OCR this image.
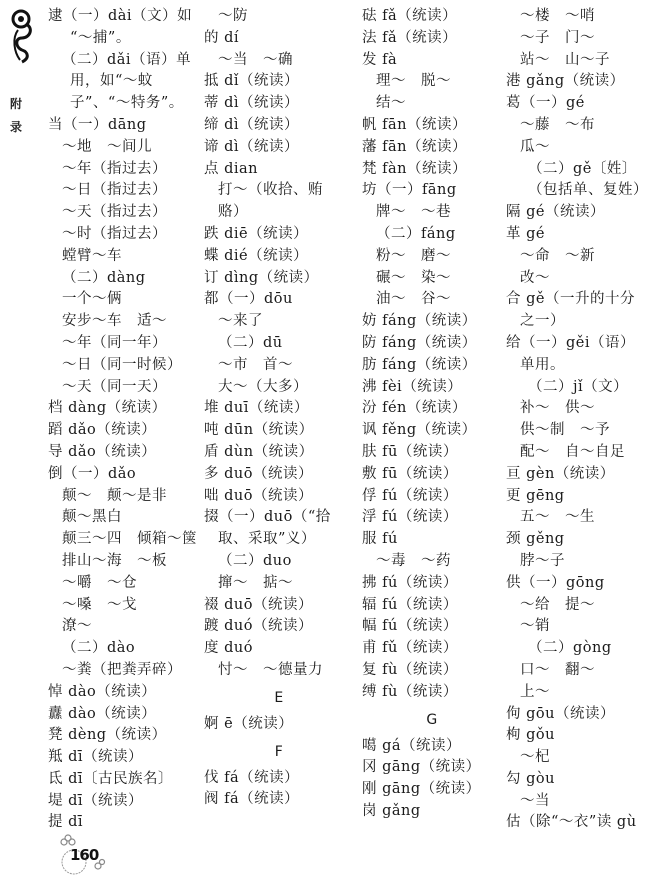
附
录
逮（一）dài（文）如
“～捕”。
（二）dǎi（语）单
用，如“～蚊
子”、“～特务”。
当（一）dāng
～地　～间儿
～年（指过去）
～日（指过去）
～天（指过去）
～时（指过去）
螳臂～车
（二）dàng
一个～俩
安步～车　适～
～年（同一年）
～日（同一时候）
～天（同一天）
档 dàng（统读）
蹈 dǎo（统读）
导 dǎo（统读）
倒（一）dǎo
颠～　颠～是非
颠～黑白
颠三～四　倾箱～箧
排山～海　～板
～嚼　～仓
～嗓　～戈
潦～
（二）dào
～粪（把粪弄碎）
悼 dào（统读）
纛 dào（统读）
凳 dèng（统读）
羝 dī（统读）
氐 dī〔古民族名〕
堤 dī（统读）
提 dī
～防
的 dí
～当　～确
抵 dǐ（统读）
蒂 dì（统读）
缔 dì（统读）
谛 dì（统读）
点 dian
打～（收拾、贿
赂）
跌 diē（统读）
蝶 dié（统读）
订 dìng（统读）
都（一）dōu
～来了
（二）dū
～市　首～
大～（大多）
堆 duī（统读）
吨 dūn（统读）
盾 dùn（统读）
多 duō（统读）
咄 duō（统读）
掇（一）duō（“拾
取、采取”义）
（二）duo
撺～　掂～
裰 duō（统读）
踱 duó（统读）
度 duó
忖～　～德量力
E
婀 ē（统读）
F
伐 fá（统读）
阀 fá（统读）
砝 fǎ（统读）
法 fǎ（统读）
发 fà
理～　脱～
结～
帆 fān（统读）
藩 fān（统读）
梵 fàn（统读）
坊（一）fāng
牌～　～巷
（二）fáng
粉～　磨～
碾～　染～
油～　谷～
妨 fáng（统读）
防 fáng（统读）
肪 fáng（统读）
沸 fèi（统读）
汾 fén（统读）
讽 fěng（统读）
肤 fū（统读）
敷 fū（统读）
俘 fú（统读）
浮 fú（统读）
服 fú
～毒　～药
拂 fú（统读）
辐 fú（统读）
幅 fú（统读）
甫 fǔ（统读）
复 fù（统读）
缚 fù（统读）
G
噶 gá（统读）
冈 gāng（统读）
刚 gāng（统读）
岗 gǎng
～楼　～哨
～子　门～
站～　山～子
港 gǎng（统读）
葛（一）gé
～藤　～布
瓜～
（二）gě〔姓〕
（包括单、复姓）
隔 gé（统读）
革 gé
～命　～新
改～
合 gě（一升的十分
之一）
给（一）gěi（语）
单用。
（二）jǐ（文）
补～　供～
供～制　～予
配～　自～自足
亘 gèn（统读）
更 gēng
五～　～生
颈 gěng
脖～子
供（一）gōng
～给　提～
～销
（二）gòng
口～　翻～
上～
佝 gōu（统读）
枸 gǒu
～杞
勾 gòu
～当
估（除“～衣”读 gù
160
